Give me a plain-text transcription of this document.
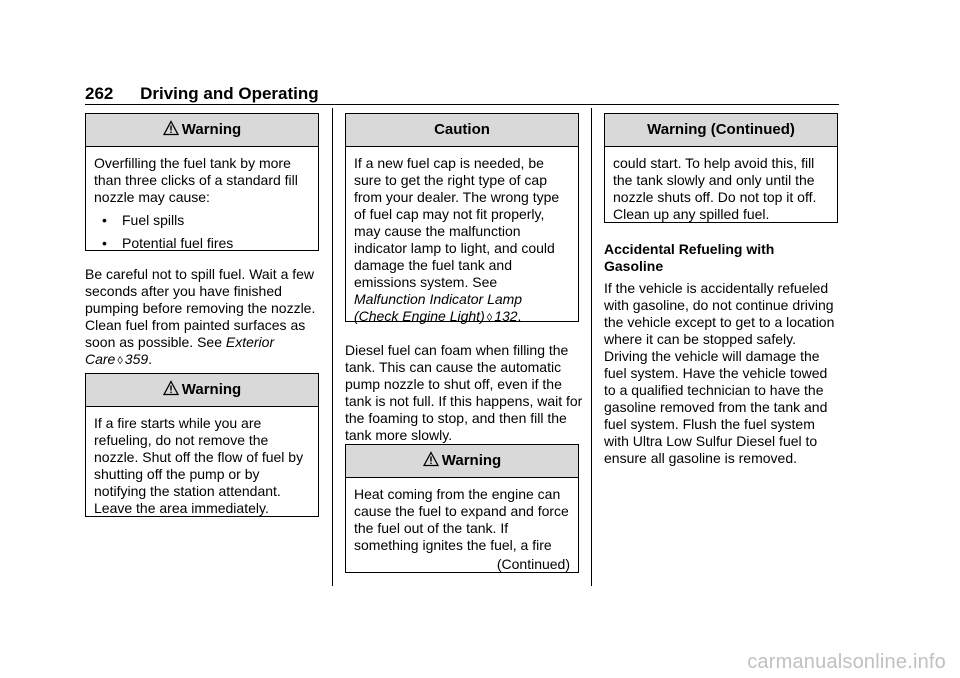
262 Driving and Operating
Warning

Overfilling the fuel tank by more than three clicks of a standard fill nozzle may cause:

• Fuel spills
• Potential fuel fires

Be careful not to spill fuel. Wait a few seconds after you have finished pumping before removing the nozzle. Clean fuel from painted surfaces as soon as possible. See Exterior Care ◊ 359.

Warning

If a fire starts while you are refueling, do not remove the nozzle. Shut off the flow of fuel by shutting off the pump or by notifying the station attendant. Leave the area immediately.

Caution

If a new fuel cap is needed, be sure to get the right type of cap from your dealer. The wrong type of fuel cap may not fit properly, may cause the malfunction indicator lamp to light, and could damage the fuel tank and emissions system. See Malfunction Indicator Lamp (Check Engine Light) ◊ 132.

Diesel fuel can foam when filling the tank. This can cause the automatic pump nozzle to shut off, even if the tank is not full. If this happens, wait for the foaming to stop, and then fill the tank more slowly.

Warning

Heat coming from the engine can cause the fuel to expand and force the fuel out of the tank. If something ignites the fuel, a fire

(Continued)
Warning (Continued)

could start. To help avoid this, fill the tank slowly and only until the nozzle shuts off. Do not top it off. Clean up any spilled fuel.

Accidental Refueling with Gasoline

If the vehicle is accidentally refueled with gasoline, do not continue driving the vehicle except to get to a location where it can be stopped safely. Driving the vehicle will damage the fuel system. Have the vehicle towed to a qualified technician to have the gasoline removed from the tank and fuel system. Flush the fuel system with Ultra Low Sulfur Diesel fuel to ensure all gasoline is removed.

carmanualsonline.info
